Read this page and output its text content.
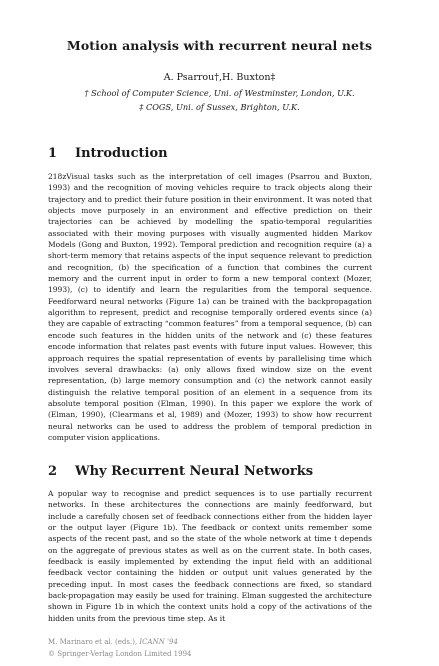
Motion analysis with recurrent neural nets

A. Psarrou†,H. Buxton‡

† School of Computer Science, Uni. of Westminster, London, U.K.

‡ COGS, Uni. of Sussex, Brighton, U.K.

1 Introduction

218zVisual tasks such as the interpretation of cell images (Psarrou and Buxton, 1993) and the recognition of moving vehicles require to track objects along their trajectory and to predict their future position in their environment. It was noted that objects move purposely in an environment and effective prediction on their trajectories can be achieved by modelling the spatio-temporal regularities associated with their moving purposes with visually augmented hidden Markov Models (Gong and Buxton, 1992). Temporal prediction and recognition require (a) a short-term memory that retains aspects of the input sequence relevant to prediction and recognition, (b) the specification of a function that combines the current memory and the current input in order to form a new temporal context (Mozer, 1993), (c) to identify and learn the regularities from the temporal sequence. Feedforward neural networks (Figure 1a) can be trained with the backpropagation algorithm to represent, predict and recognise temporally ordered events since (a) they are capable of extracting “common features” from a temporal sequence, (b) can encode such features in the hidden units of the network and (c) these features encode information that relates past events with future input values. However, this approach requires the spatial representation of events by parallelising time which involves several drawbacks: (a) only allows fixed window size on the event representation, (b) large memory consumption and (c) the network cannot easily distinguish the relative temporal position of an element in a sequence from its absolute temporal position (Elman, 1990). In this paper we explore the work of (Elman, 1990), (Clearmans et al, 1989) and (Mozer, 1993) to show how recurrent neural networks can be used to address the problem of temporal prediction in computer vision applications.

2 Why Recurrent Neural Networks

A popular way to recognise and predict sequences is to use partially recurrent networks. In these architectures the connections are mainly feedforward, but include a carefully chosen set of feedback connections either from the hidden layer or the output layer (Figure 1b). The feedback or context units remember some aspects of the recent past, and so the state of the whole network at time t depends on the aggregate of previous states as well as on the current state. In both cases, feedback is easily implemented by extending the input field with an additional feedback vector containing the hidden or output unit values generated by the preceding input. In most cases the feedback connections are fixed, so standard back-propagation may easily be used for training. Elman suggested the architecture shown in Figure 1b in which the context units hold a copy of the activations of the hidden units from the previous time step. As it

M. Marinaro et al. (eds.), ICANN '94

© Springer-Verlag London Limited 1994
